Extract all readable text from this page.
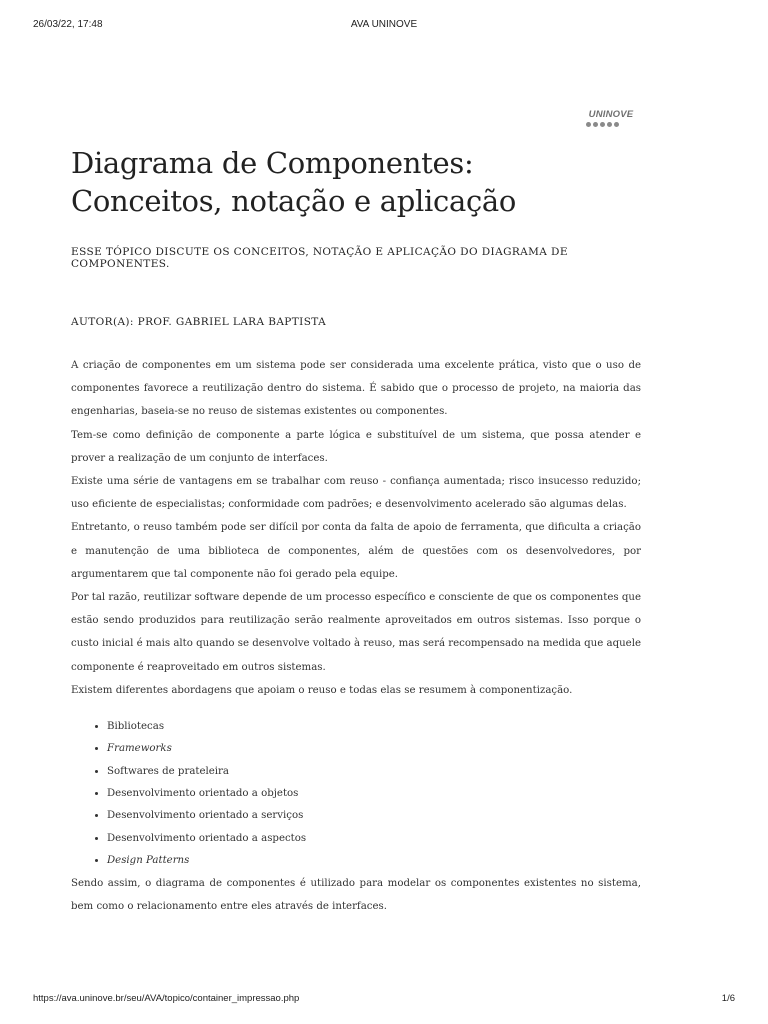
26/03/22, 17:48	AVA UNINOVE
UNINOVE
Diagrama de Componentes:
Conceitos, notação e aplicação
ESSE TÓPICO DISCUTE OS CONCEITOS, NOTAÇÃO E APLICAÇÃO DO DIAGRAMA DE COMPONENTES.
AUTOR(A): PROF. GABRIEL LARA BAPTISTA

A criação de componentes em um sistema pode ser considerada uma excelente prática, visto que o uso de componentes favorece a reutilização dentro do sistema. É sabido que o processo de projeto, na maioria das engenharias, baseia-se no reuso de sistemas existentes ou componentes.

Tem-se como definição de componente a parte lógica e substituível de um sistema, que possa atender e prover a realização de um conjunto de interfaces.

Existe uma série de vantagens em se trabalhar com reuso - confiança aumentada; risco insucesso reduzido; uso eficiente de especialistas; conformidade com padrões; e desenvolvimento acelerado são algumas delas.

Entretanto, o reuso também pode ser difícil por conta da falta de apoio de ferramenta, que dificulta a criação e manutenção de uma biblioteca de componentes, além de questões com os desenvolvedores, por argumentarem que tal componente não foi gerado pela equipe.

Por tal razão, reutilizar software depende de um processo específico e consciente de que os componentes que estão sendo produzidos para reutilização serão realmente aproveitados em outros sistemas. Isso porque o custo inicial é mais alto quando se desenvolve voltado à reuso, mas será recompensado na medida que aquele componente é reaproveitado em outros sistemas.

Existem diferentes abordagens que apoiam o reuso e todas elas se resumem à componentização.

• Bibliotecas
• Frameworks
• Softwares de prateleira
• Desenvolvimento orientado a objetos
• Desenvolvimento orientado a serviços
• Desenvolvimento orientado a aspectos
• Design Patterns

Sendo assim, o diagrama de componentes é utilizado para modelar os componentes existentes no sistema, bem como o relacionamento entre eles através de interfaces.

https://ava.uninove.br/seu/AVA/topico/container_impressao.php	1/6
